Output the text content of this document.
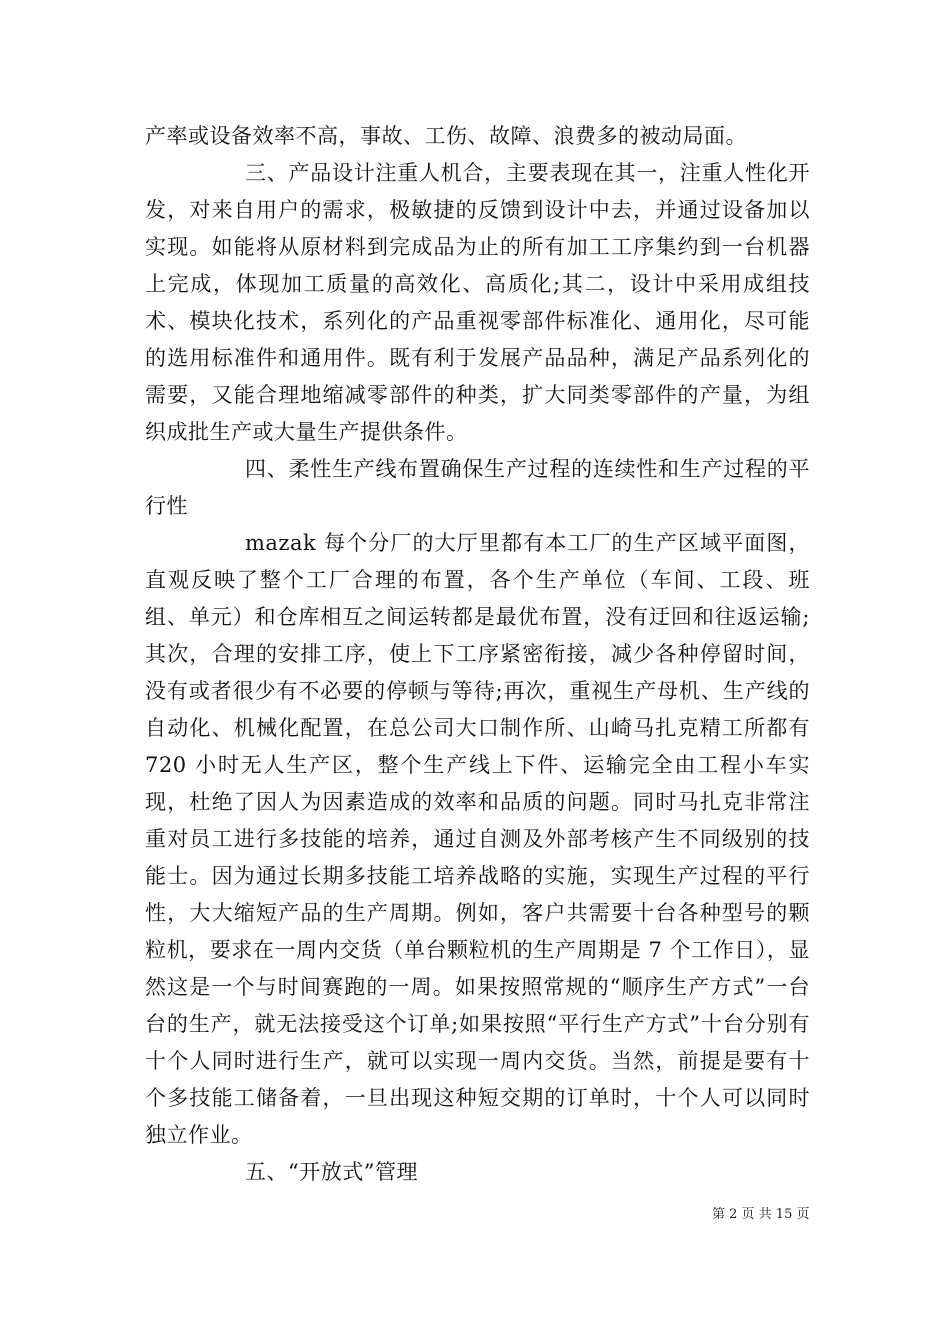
产率或设备效率不高，事故、工伤、故障、浪费多的被动局面。

三、产品设计注重人机合，主要表现在其一，注重人性化开发，对来自用户的需求，极敏捷的反馈到设计中去，并通过设备加以实现。如能将从原材料到完成品为止的所有加工工序集约到一台机器上完成，体现加工质量的高效化、高质化;其二，设计中采用成组技术、模块化技术，系列化的产品重视零部件标准化、通用化，尽可能的选用标准件和通用件。既有利于发展产品品种，满足产品系列化的需要，又能合理地缩减零部件的种类，扩大同类零部件的产量，为组织成批生产或大量生产提供条件。

四、柔性生产线布置确保生产过程的连续性和生产过程的平行性

mazak 每个分厂的大厅里都有本工厂的生产区域平面图，直观反映了整个工厂合理的布置，各个生产单位（车间、工段、班组、单元）和仓库相互之间运转都是最优布置，没有迂回和往返运输;其次，合理的安排工序，使上下工序紧密衔接，减少各种停留时间，没有或者很少有不必要的停顿与等待;再次，重视生产母机、生产线的自动化、机械化配置，在总公司大口制作所、山崎马扎克精工所都有 720 小时无人生产区，整个生产线上下件、运输完全由工程小车实现，杜绝了因人为因素造成的效率和品质的问题。同时马扎克非常注重对员工进行多技能的培养，通过自测及外部考核产生不同级别的技能士。因为通过长期多技能工培养战略的实施，实现生产过程的平行性，大大缩短产品的生产周期。例如，客户共需要十台各种型号的颗粒机，要求在一周内交货（单台颗粒机的生产周期是 7 个工作日），显然这是一个与时间赛跑的一周。如果按照常规的“顺序生产方式”一台台的生产，就无法接受这个订单;如果按照“平行生产方式”十台分别有十个人同时进行生产，就可以实现一周内交货。当然，前提是要有十个多技能工储备着，一旦出现这种短交期的订单时，十个人可以同时独立作业。

五、“开放式”管理

第 2 页 共 15 页
